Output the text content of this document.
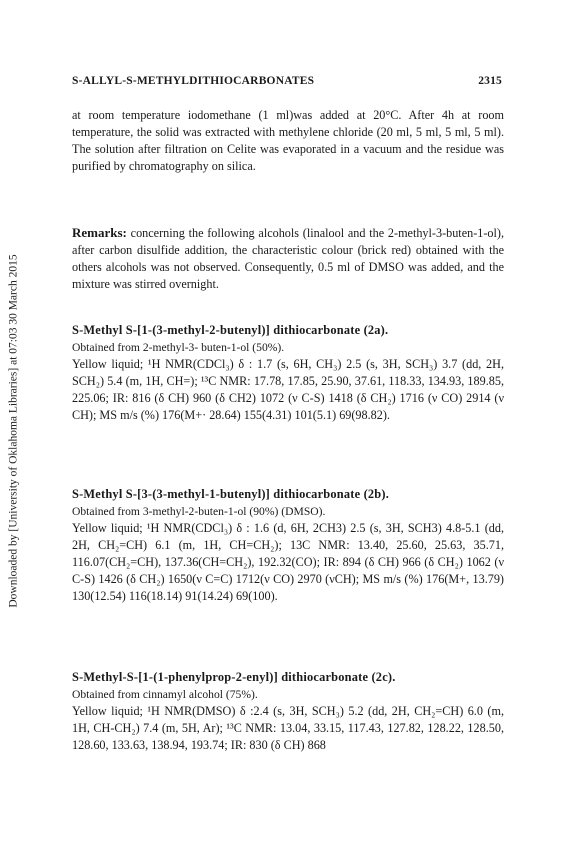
Downloaded by [University of Oklahoma Libraries] at 07:03 30 March 2015
S-ALLYL-S-METHYLDITHIOCARBONATES	2315

at room temperature iodomethane (1 ml)was added at 20°C. After 4h at room temperature, the solid was extracted with methylene chloride (20 ml, 5 ml, 5 ml, 5 ml). The solution after filtration on Celite was evaporated in a vacuum and the residue was purified by chromatography on silica.

Remarks: concerning the following alcohols (linalool and the 2-methyl-3-buten-1-ol), after carbon disulfide addition, the characteristic colour (brick red) obtained with the others alcohols was not observed. Consequently, 0.5 ml of DMSO was added, and the mixture was stirred overnight.

S-Methyl S-[1-(3-methyl-2-butenyl)] dithiocarbonate (2a).

Obtained from 2-methyl-3- buten-1-ol (50%).

Yellow liquid; ¹H NMR(CDCl₃) δ : 1.7 (s, 6H, CH₃) 2.5 (s, 3H, SCH₃) 3.7 (dd, 2H, SCH₂) 5.4 (m, 1H, CH=); ¹³C NMR: 17.78, 17.85, 25.90, 37.61, 118.33, 134.93, 189.85, 225.06; IR: 816 (δ CH) 960 (δ CH2) 1072 (ν C-S) 1418 (δ CH₂) 1716 (ν CO) 2914 (ν CH); MS m/s (%) 176(M+· 28.64) 155(4.31) 101(5.1) 69(98.82).

S-Methyl S-[3-(3-methyl-1-butenyl)] dithiocarbonate (2b).

Obtained from 3-methyl-2-buten-1-ol (90%) (DMSO).

Yellow liquid; ¹H NMR(CDCl₃) δ : 1.6 (d, 6H, 2CH3) 2.5 (s, 3H, SCH3) 4.8-5.1 (dd, 2H, CH₂=CH) 6.1 (m, 1H, CH=CH₂); 13C NMR: 13.40, 25.60, 25.63, 35.71, 116.07(CH₂=CH), 137.36(CH=CH₂), 192.32(CO); IR: 894 (δ CH) 966 (δ CH₂) 1062 (ν C-S) 1426 (δ CH₂) 1650(ν C=C) 1712(ν CO) 2970 (νCH); MS m/s (%) 176(M+, 13.79) 130(12.54) 116(18.14) 91(14.24) 69(100).

S-Methyl-S-[1-(1-phenylprop-2-enyl)] dithiocarbonate (2c).

Obtained from cinnamyl alcohol (75%).

Yellow liquid; ¹H NMR(DMSO) δ :2.4 (s, 3H, SCH₃) 5.2 (dd, 2H, CH₂=CH) 6.0 (m, 1H, CH-CH₂) 7.4 (m, 5H, Ar); ¹³C NMR: 13.04, 33.15, 117.43, 127.82, 128.22, 128.50, 128.60, 133.63, 138.94, 193.74; IR: 830 (δ CH) 868
